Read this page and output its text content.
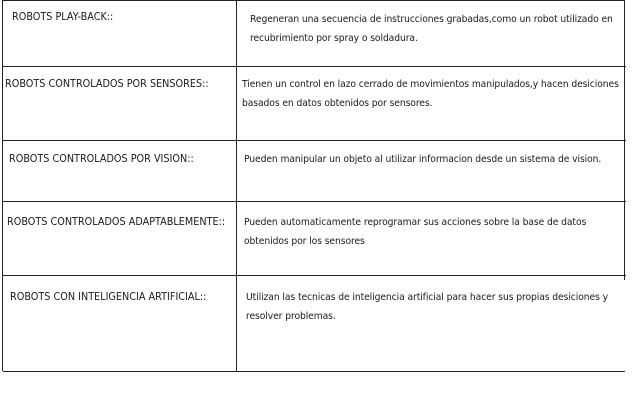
ROBOTS PLAY-BACK::	Regeneran una secuencia de instrucciones grabadas,como un robot utilizado en recubrimiento por spray o soldadura.
ROBOTS CONTROLADOS POR SENSORES::	Tienen un control en lazo cerrado de movimientos manipulados,y hacen desiciones basados en datos obtenidos por sensores.
ROBOTS CONTROLADOS POR VISION::	Pueden manipular un objeto al utilizar informacion desde un sistema de vision.
ROBOTS CONTROLADOS ADAPTABLEMENTE:: Pueden automaticamente reprogramar sus acciones sobre la base de datos obtenidos por los sensores
ROBOTS CON INTELIGENCIA ARTIFICIAL::	Utilizan las tecnicas de inteligencia artificial para hacer sus propias desiciones y resolver problemas.
